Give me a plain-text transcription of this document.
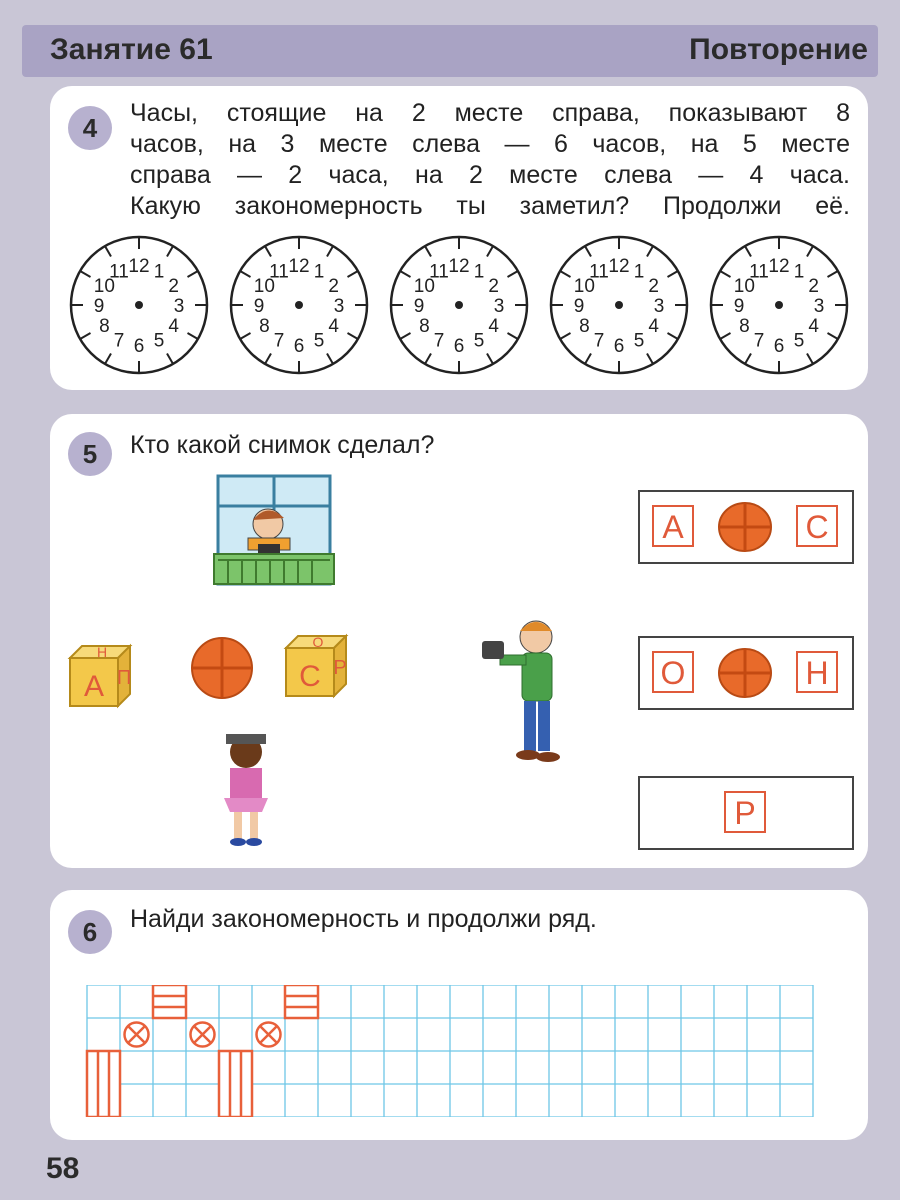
Занятие 61	Повторение
4	Часы, стоящие на 2 месте справа, показывают 8
часов, на 3 месте слева — 6 часов, на 5 месте
справа — 2 часа, на 2 месте слева — 4 часа.
Какую закономерность ты заметил? Продолжи её.
12 1
2
3
4
5
6
7
8
9
10
11	12 1
2
3
4
5
6
7
8
9
10
11	12 1
2
3
4
5
6
7
8
9
10
11	12 1
2
3
4
5
6
7
8
9
10
11	12 1
2
3
4
5
6
7
8
9
10
11
5	Кто какой снимок сделал?
А П
Н
С Р
О
А	С
О	Н
Р
6	Найди закономерность и продолжи ряд.
58
